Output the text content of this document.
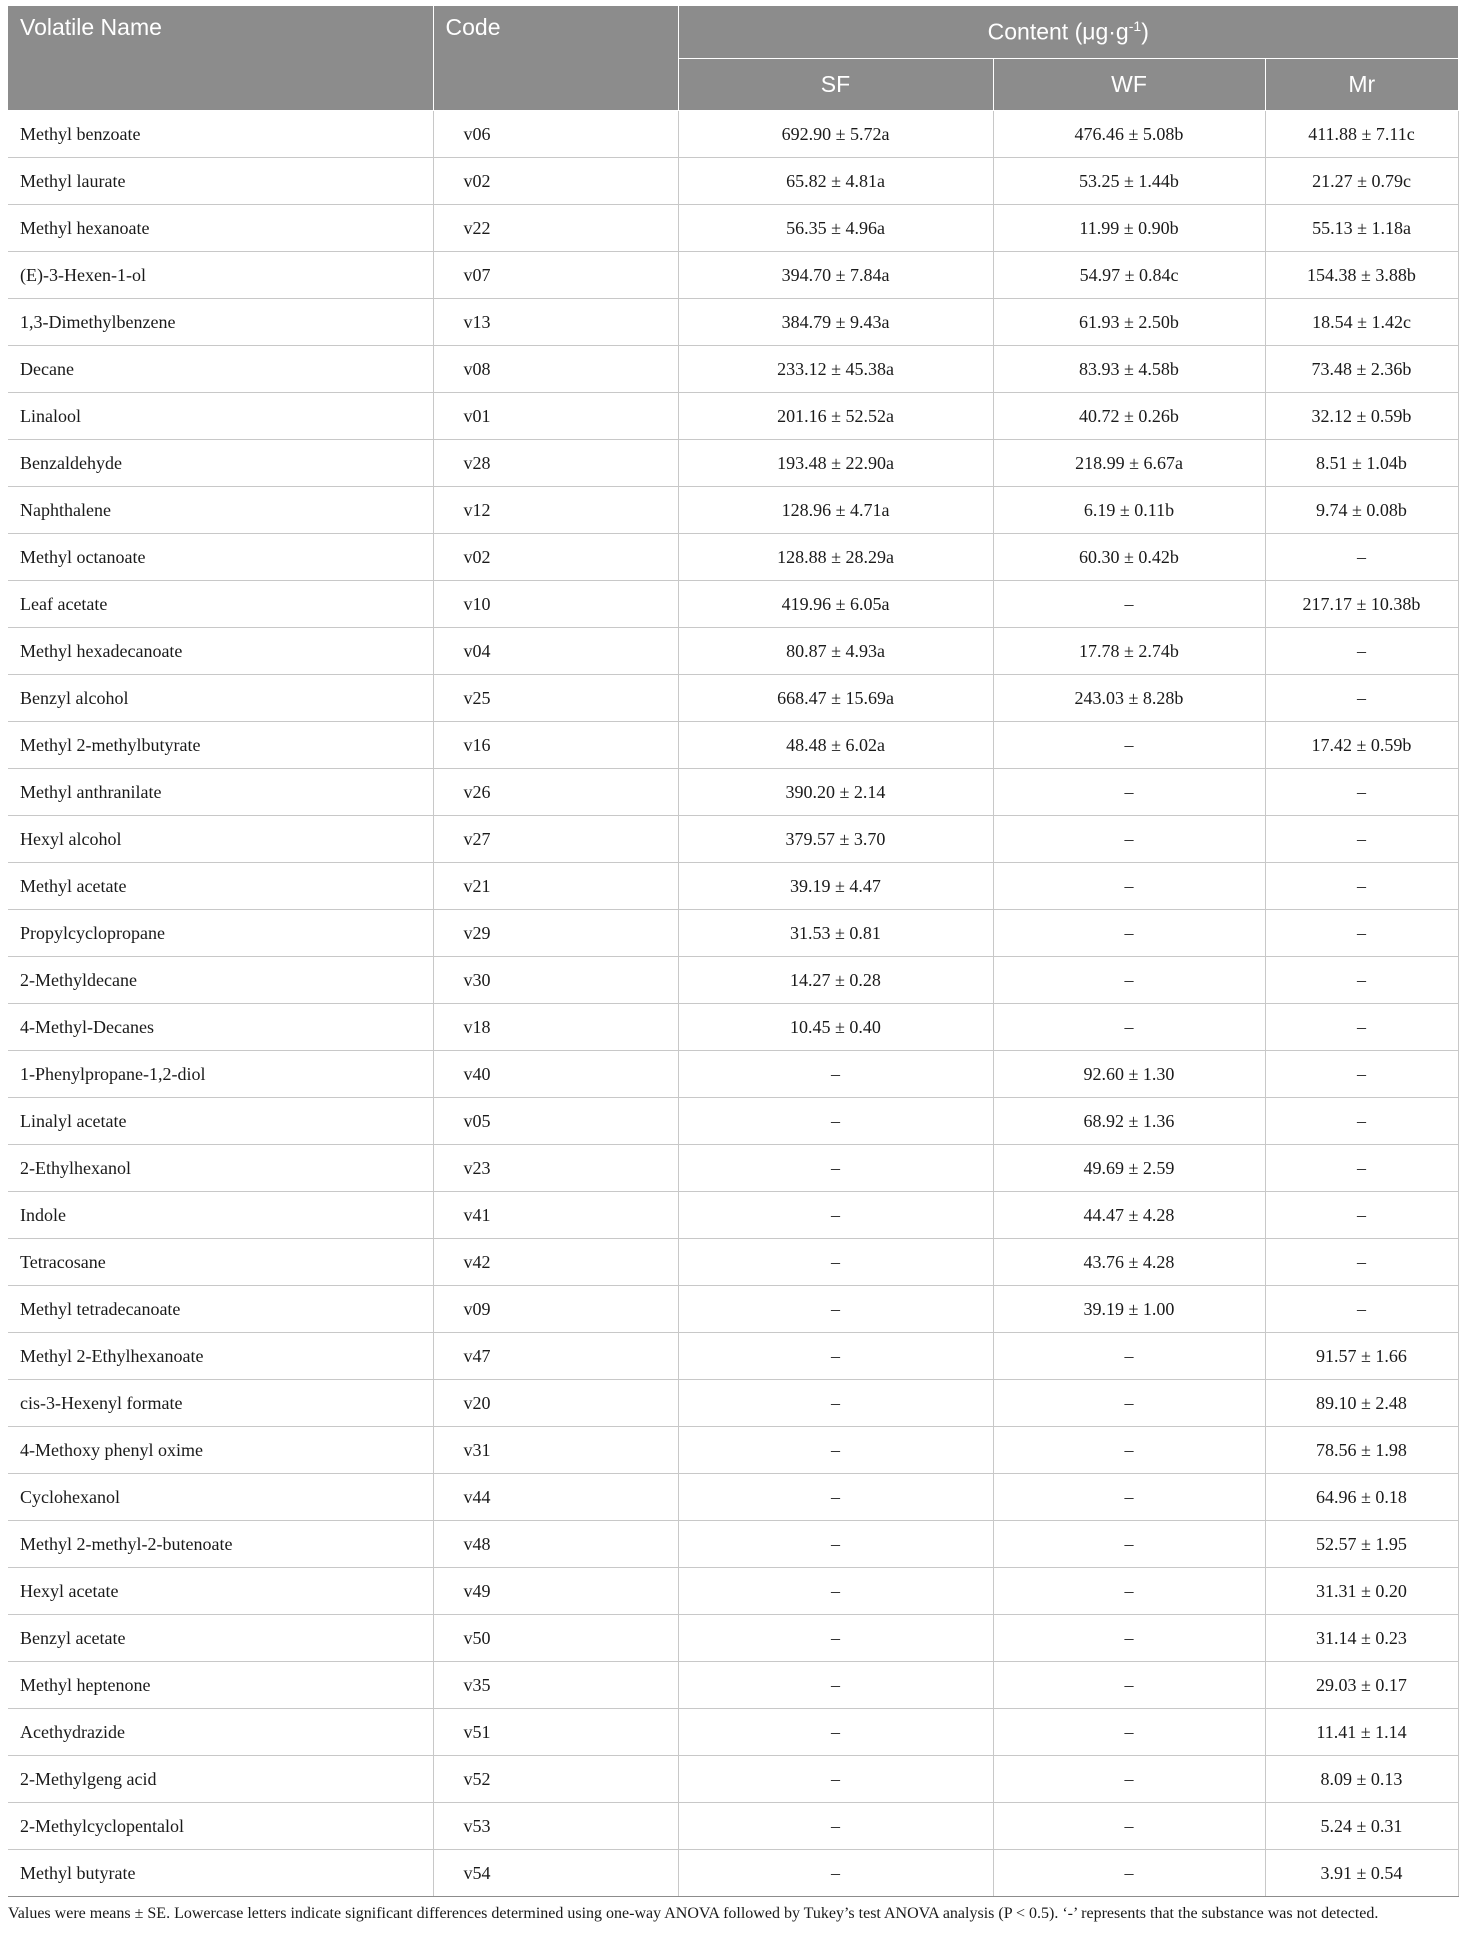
Volatile Name	Code	Content $(\mu g\cdot g^{-1})$		
		SF	WF	Mr
Methyl benzoate	v06	692.90 ± 5.72a	476.46 ± 5.08b	411.88 ± 7.11c
Methyl laurate	v02	65.82 ± 4.81a	53.25 ± 1.44b	21.27 ± 0.79c
Methyl hexanoate	v22	56.35 ± 4.96a	11.99 ± 0.90b	55.13 ± 1.18a
(E)-3-Hexen-1-ol	v07	394.70 ± 7.84a	54.97 ± 0.84c	154.38 ± 3.88b
1,3-Dimethylbenzene	v13	384.79 ± 9.43a	61.93 ± 2.50b	18.54 ± 1.42c
Decane	v08	233.12 ± 45.38a	83.93 ± 4.58b	73.48 ± 2.36b
Linalool	v01	201.16 ± 52.52a	40.72 ± 0.26b	32.12 ± 0.59b
Benzaldehyde	v28	193.48 ± 22.90a	218.99 ± 6.67a	8.51 ± 1.04b
Naphthalene	v12	128.96 ± 4.71a	6.19 ± 0.11b	9.74 ± 0.08b
Methyl octanoate	v02	128.88 ± 28.29a	60.30 ± 0.42b	–
Leaf acetate	v10	419.96 ± 6.05a	–	217.17 ± 10.38b
Methyl hexadecanoate	v04	80.87 ± 4.93a	17.78 ± 2.74b	–
Benzyl alcohol	v25	668.47 ± 15.69a	243.03 ± 8.28b	–
Methyl 2-methylbutyrate	v16	48.48 ± 6.02a	–	17.42 ± 0.59b
Methyl anthranilate	v26	390.20 ± 2.14	–	–
Hexyl alcohol	v27	379.57 ± 3.70	–	–
Methyl acetate	v21	39.19 ± 4.47	–	–
Propylcyclopropane	v29	31.53 ± 0.81	–	–
2-Methyldecane	v30	14.27 ± 0.28	–	–
4-Methyl-Decanes	v18	10.45 ± 0.40	–	–
1-Phenylpropane-1,2-diol	v40	–	92.60 ± 1.30	–
Linalyl acetate	v05	–	68.92 ± 1.36	–
2-Ethylhexanol	v23	–	49.69 ± 2.59	–
Indole	v41	–	44.47 ± 4.28	–
Tetracosane	v42	–	43.76 ± 4.28	–
Methyl tetradecanoate	v09	–	39.19 ± 1.00	–
Methyl 2-Ethylhexanoate	v47	–	–	91.57 ± 1.66
cis-3-Hexenyl formate	v20	–	–	89.10 ± 2.48
4-Methoxy phenyl oxime	v31	–	–	78.56 ± 1.98
Cyclohexanol	v44	–	–	64.96 ± 0.18
Methyl 2-methyl-2-butenoate	v48	–	–	52.57 ± 1.95
Hexyl acetate	v49	–	–	31.31 ± 0.20
Benzyl acetate	v50	–	–	31.14 ± 0.23
Methyl heptenone	v35	–	–	29.03 ± 0.17
Acethydrazide	v51	–	–	11.41 ± 1.14
2-Methylgeng acid	v52	–	–	8.09 ± 0.13
2-Methylcyclopentalol	v53	–	–	5.24 ± 0.31
Methyl butyrate	v54	–	–	3.91 ± 0.54
Values were means ± SE. Lowercase letters indicate significant differences determined using one-way ANOVA followed by Tukey’s test ANOVA analysis (P < 0.5). ‘-’ represents that the substance was not detected.
